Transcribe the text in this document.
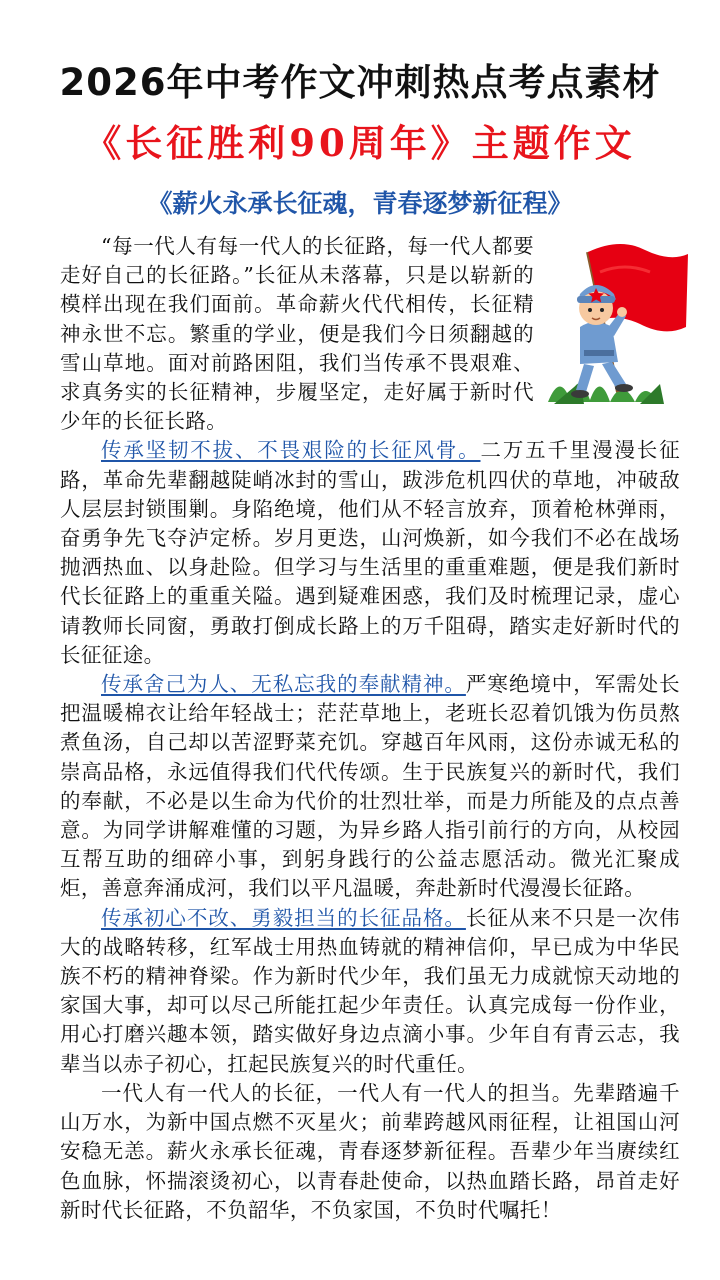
2026年中考作文冲刺热点考点素材
《长征胜利90周年》主题作文
《薪火永承长征魂，青春逐梦新征程》

“每一代人有每一代人的长征路，每一代人都要走好自己的长征路。”长征从未落幕，只是以崭新的模样出现在我们面前。革命薪火代代相传，长征精神永世不忘。繁重的学业，便是我们今日须翻越的雪山草地。面对前路困阻，我们当传承不畏艰难、求真务实的长征精神，步履坚定，走好属于新时代少年的长征长路。

传承坚韧不拔、不畏艰险的长征风骨。二万五千里漫漫长征路，革命先辈翻越陡峭冰封的雪山，跋涉危机四伏的草地，冲破敌人层层封锁围剿。身陷绝境，他们从不轻言放弃，顶着枪林弹雨，奋勇争先飞夺泸定桥。岁月更迭，山河焕新，如今我们不必在战场抛洒热血、以身赴险。但学习与生活里的重重难题，便是我们新时代长征路上的重重关隘。遇到疑难困惑，我们及时梳理记录，虚心请教师长同窗，勇敢打倒成长路上的万千阻碍，踏实走好新时代的长征征途。

传承舍己为人、无私忘我的奉献精神。严寒绝境中，军需处长把温暖棉衣让给年轻战士；茫茫草地上，老班长忍着饥饿为伤员熬煮鱼汤，自己却以苦涩野菜充饥。穿越百年风雨，这份赤诚无私的崇高品格，永远值得我们代代传颂。生于民族复兴的新时代，我们的奉献，不必是以生命为代价的壮烈壮举，而是力所能及的点点善意。为同学讲解难懂的习题，为异乡路人指引前行的方向，从校园互帮互助的细碎小事，到躬身践行的公益志愿活动。微光汇聚成炬，善意奔涌成河，我们以平凡温暖，奔赴新时代漫漫长征路。

传承初心不改、勇毅担当的长征品格。长征从来不只是一次伟大的战略转移，红军战士用热血铸就的精神信仰，早已成为中华民族不朽的精神脊梁。作为新时代少年，我们虽无力成就惊天动地的家国大事，却可以尽己所能扛起少年责任。认真完成每一份作业，用心打磨兴趣本领，踏实做好身边点滴小事。少年自有青云志，我辈当以赤子初心，扛起民族复兴的时代重任。

一代人有一代人的长征，一代人有一代人的担当。先辈踏遍千山万水，为新中国点燃不灭星火；前辈跨越风雨征程，让祖国山河安稳无恙。薪火永承长征魂，青春逐梦新征程。吾辈少年当赓续红色血脉，怀揣滚烫初心，以青春赴使命，以热血踏长路，昂首走好新时代长征路，不负韶华，不负家国，不负时代嘱托！
